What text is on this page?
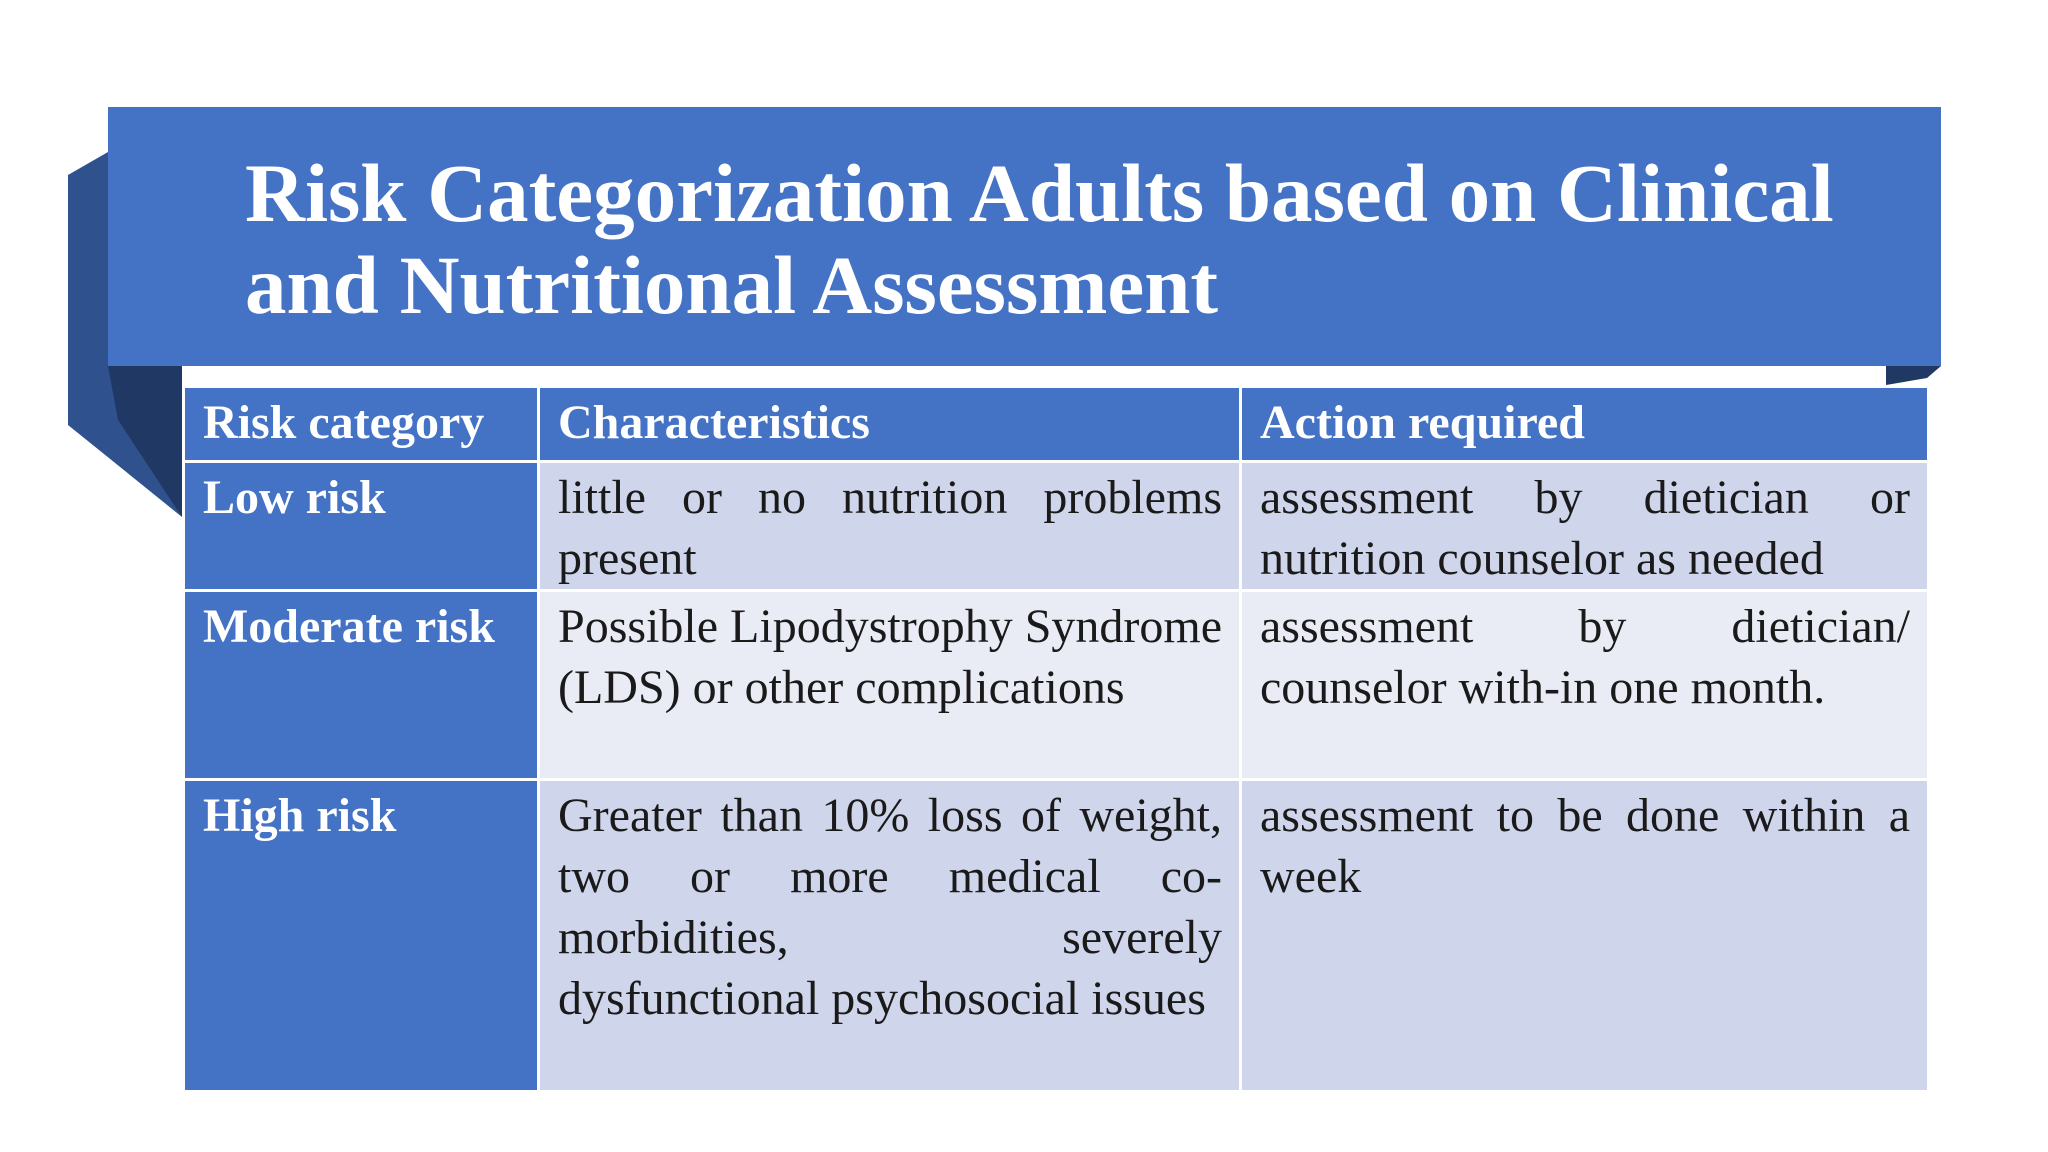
Risk Categorization Adults based on Clinical and Nutritional Assessment
Risk category	Characteristics	Action required
Low risk	little or no nutrition problems present	assessment by dietician or nutrition counselor as needed
Moderate risk	Possible Lipodystrophy Syndrome (LDS) or other complications	assessment by dietician/ counselor with-in one month.
High risk	Greater than 10% loss of weight, two or more medical co-morbidities, severely dysfunctional psychosocial issues	assessment to be done within a week
